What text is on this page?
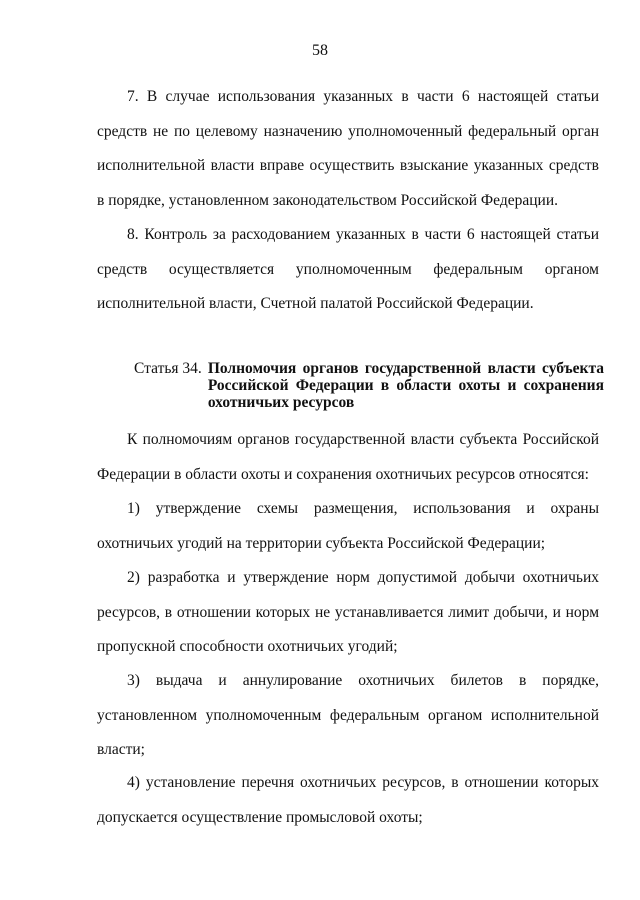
58

7. В случае использования указанных в части 6 настоящей статьи средств не по целевому назначению уполномоченный федеральный орган исполнительной власти вправе осуществить взыскание указанных средств в порядке, установленном законодательством Российской Федерации.

8. Контроль за расходованием указанных в части 6 настоящей статьи средств осуществляется уполномоченным федеральным органом исполнительной власти, Счетной палатой Российской Федерации.

Статья 34. Полномочия органов государственной власти субъекта Российской Федерации в области охоты и сохранения охотничьих ресурсов

К полномочиям органов государственной власти субъекта Российской Федерации в области охоты и сохранения охотничьих ресурсов относятся:

1) утверждение схемы размещения, использования и охраны охотничьих угодий на территории субъекта Российской Федерации;

2) разработка и утверждение норм допустимой добычи охотничьих ресурсов, в отношении которых не устанавливается лимит добычи, и норм пропускной способности охотничьих угодий;

3) выдача и аннулирование охотничьих билетов в порядке, установленном уполномоченным федеральным органом исполнительной власти;

4) установление перечня охотничьих ресурсов, в отношении которых допускается осуществление промысловой охоты;
